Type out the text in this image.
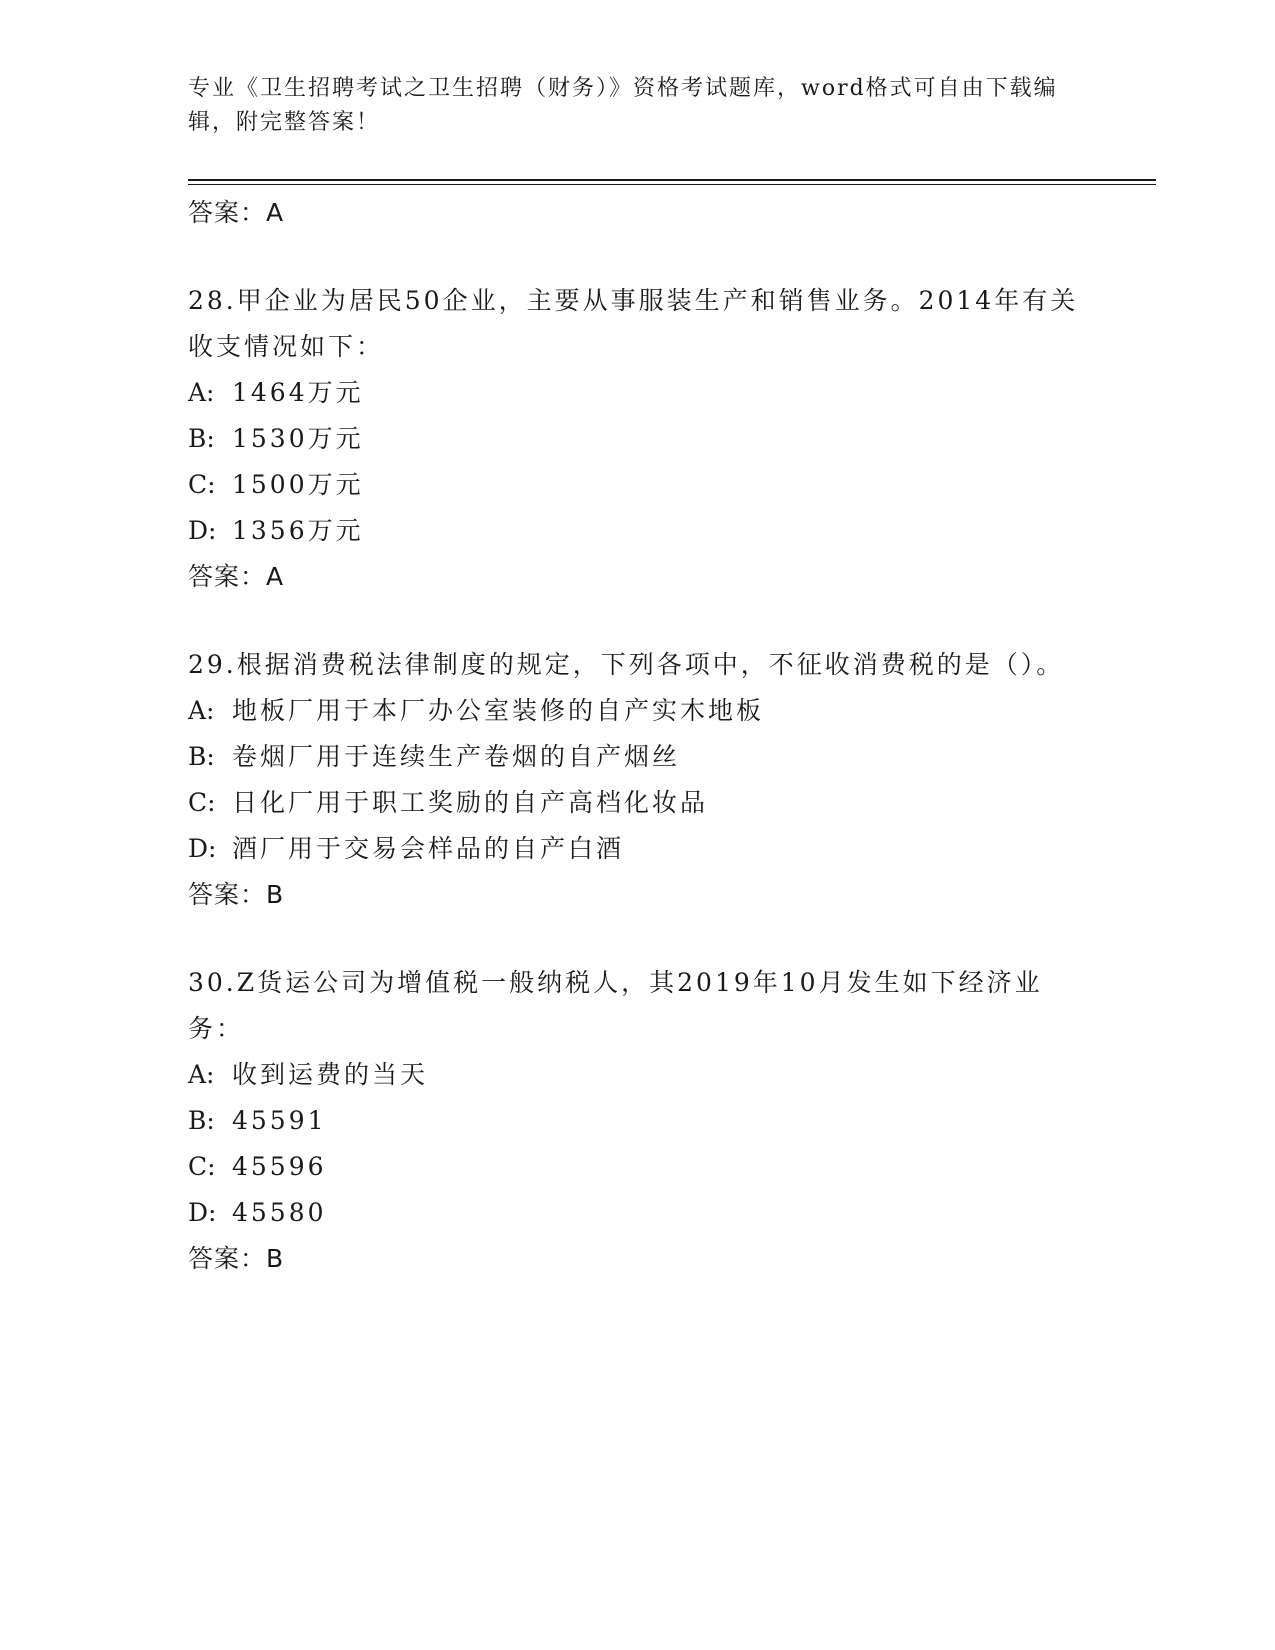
专业《卫生招聘考试之卫生招聘（财务）》资格考试题库，word格式可自由下载编辑，附完整答案！
答案：A
28.甲企业为居民50企业，主要从事服装生产和销售业务。2014年有关收支情况如下：
A: 1464万元
B: 1530万元
C: 1500万元
D: 1356万元
答案：A
29.根据消费税法律制度的规定，下列各项中，不征收消费税的是（）。
A: 地板厂用于本厂办公室装修的自产实木地板
B: 卷烟厂用于连续生产卷烟的自产烟丝
C: 日化厂用于职工奖励的自产高档化妆品
D: 酒厂用于交易会样品的自产白酒
答案：B
30.Z货运公司为增值税一般纳税人，其2019年10月发生如下经济业务：
A: 收到运费的当天
B: 45591
C: 45596
D: 45580
答案：B
